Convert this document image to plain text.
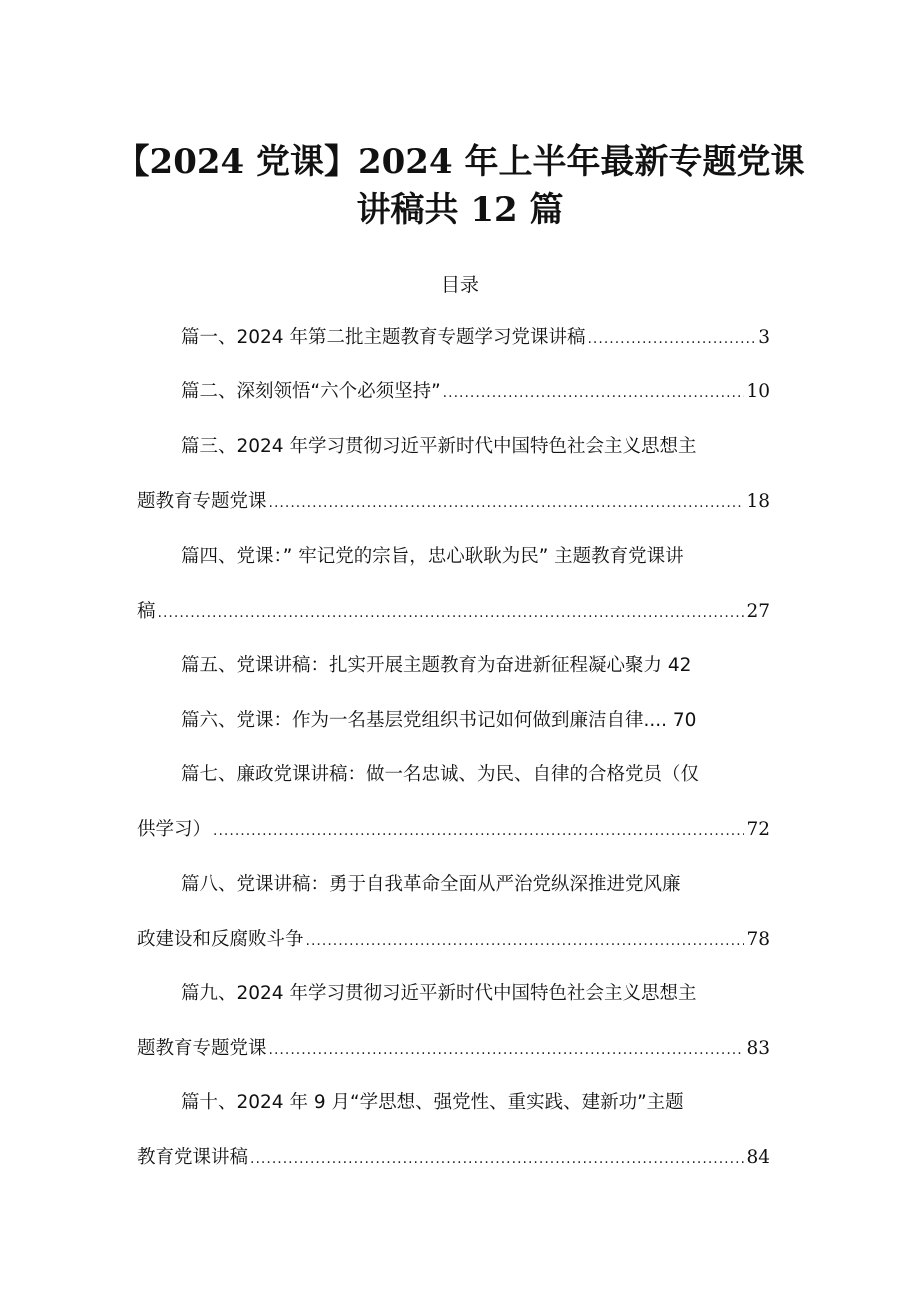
【2024 党课】2024 年上半年最新专题党课
讲稿共 12 篇
目录
篇一、2024 年第二批主题教育专题学习党课讲稿 .....	3
篇二、深刻领悟“六个必须坚持” .....	10
篇三、2024 年学习贯彻习近平新时代中国特色社会主义思想主
题教育专题党课 .....	18
篇四、党课：” 牢记党的宗旨，忠心耿耿为民” 主题教育党课讲
稿 .....	27
篇五、党课讲稿：扎实开展主题教育为奋进新征程凝心聚力 42
篇六、党课：作为一名基层党组织书记如何做到廉洁自律.... 70
篇七、廉政党课讲稿：做一名忠诚、为民、自律的合格党员（仅
供学习） .....	72
篇八、党课讲稿：勇于自我革命全面从严治党纵深推进党风廉
政建设和反腐败斗争 .....	78
篇九、2024 年学习贯彻习近平新时代中国特色社会主义思想主
题教育专题党课 .....	83
篇十、2024 年 9 月“学思想、强党性、重实践、建新功”主题
教育党课讲稿 .....	84
